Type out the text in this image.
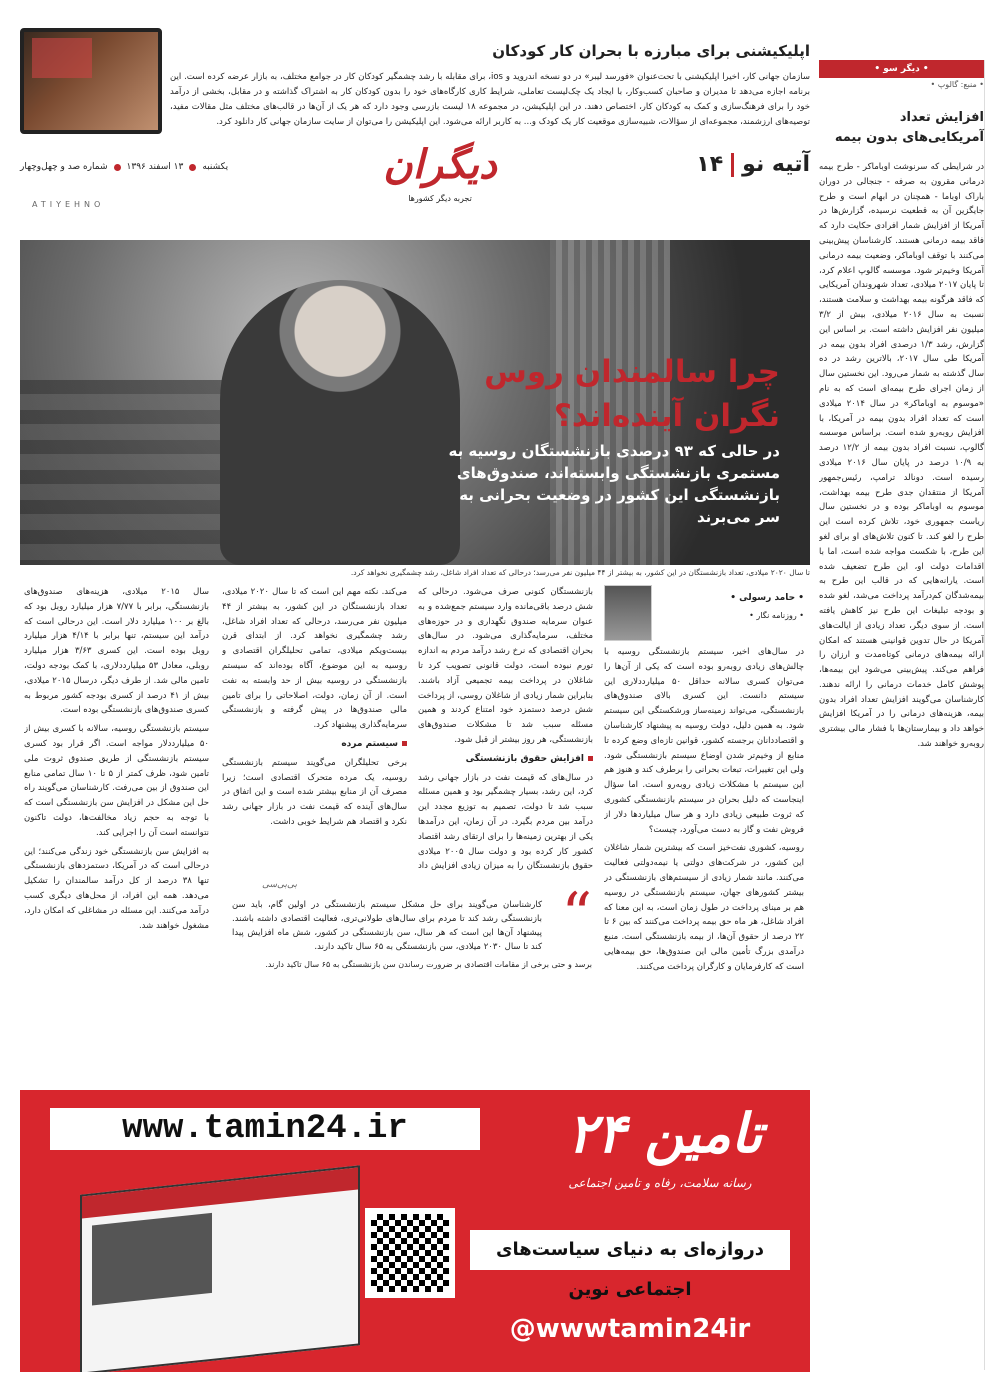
اپلیکیشنی برای مبارزه با بحران کار کودکان
سازمان جهانی کار، اخیرا اپلیکیشنی با تحت‌عنوان «فورسد لیبر» در دو نسخه اندروید و ios، برای مقابله با رشد چشمگیر کودکان کار در جوامع مختلف، به بازار عرضه کرده است. این برنامه اجازه می‌دهد تا مدیران و صاحبان کسب‌وکار، با ایجاد یک چک‌لیست تعاملی، شرایط کاری کارگاه‌های خود را بدون کودکان کار به اشتراک گذاشته و در مقابل، بخشی از درآمد خود را برای فرهنگ‌سازی و کمک به کودکان کار، اختصاص دهند. در این اپلیکیشن، در مجموعه ۱۸ لیست بازرسی وجود دارد که هر یک از آن‌ها در قالب‌های مختلف مثل مقالات مفید، توصیه‌های ارزشمند، مجموعه‌ای از سؤالات، شبیه‌سازی موقعیت کار یک کودک و... به کاربر ارائه می‌شود. این اپلیکیشن را می‌توان از سایت سازمان جهانی کار دانلود کرد.
یکشنبه
۱۳ اسفند ۱۳۹۶
شماره صد و چهل‌وچهار	دیگران
تجربه دیگر کشورها
آتیه نو
۱۴
ATIYEHNO
چرا سالمندان روس نگران آینده‌اند؟
در حالی که ۹۳ درصدی بازنشستگان روسیه به مستمری بازنشستگی وابسته‌اند، صندوق‌های بازنشستگی این کشور در وضعیت بحرانی به سر می‌برند
تا سال ۲۰۲۰ میلادی، تعداد بازنشستگان در این کشور، به بیشتر از ۴۴ میلیون نفر می‌رسد؛ درحالی که تعداد افراد شاغل، رشد چشمگیری نخواهد کرد.
• حامد رسولی •
• روزنامه نگار •

در سال‌های اخیر، سیستم بازنشستگی روسیه با چالش‌های زیادی روبه‌رو بوده است که یکی از آن‌ها را می‌توان کسری سالانه حداقل ۵۰ میلیارددلاری این سیستم دانست. این کسری بالای صندوق‌های بازنشستگی، می‌تواند زمینه‌ساز ورشکستگی این سیستم شود. به همین دلیل، دولت روسیه به پیشنهاد کارشناسان و اقتصاددانان برجسته کشور، قوانین تازه‌ای وضع کرده تا منابع از وخیم‌تر شدن اوضاع سیستم بازنشستگی شود. ولی این تغییرات، تبعات بحرانی را برطرف کند و هنوز هم این سیستم با مشکلات زیادی روبه‌رو است. اما سؤال اینجاست که دلیل بحران در سیستم بازنشستگی کشوری که ثروت طبیعی زیادی دارد و هر سال میلیاردها دلار از فروش نفت و گاز به دست می‌آورد، چیست؟

روسیه، کشوری نفت‌خیز است که بیشترین شمار شاغلان این کشور، در شرکت‌های دولتی یا نیمه‌دولتی فعالیت می‌کنند. مانند شمار زیادی از سیستم‌های بازنشستگی در بیشتر کشورهای جهان، سیستم بازنشستگی در روسیه هم بر مبنای پرداخت در طول زمان است، به این معنا که افراد شاغل، هر ماه حق بیمه پرداخت می‌کنند که بین ۶ تا ۲۲ درصد از حقوق آن‌ها، از بیمه بازنشستگی است. منبع درآمدی بزرگ تأمین مالی این صندوق‌ها، حق بیمه‌هایی است که کارفرمایان و کارگران پرداخت می‌کنند.

بازنشستگان کنونی صرف می‌شود. درحالی که شش درصد باقی‌مانده وارد سیستم جمع‌شده و به عنوان سرمایه صندوق نگهداری و در حوزه‌های مختلف، سرمایه‌گذاری می‌شود. در سال‌های بحران اقتصادی که نرخ رشد درآمد مردم به اندازه تورم نبوده است، دولت قانونی تصویب کرد تا شاغلان در پرداخت بیمه تجمیعی آزاد باشند. بنابراین شمار زیادی از شاغلان روسی، از پرداخت شش درصد دستمزد خود امتناع کردند و همین مسئله سبب شد تا مشکلات صندوق‌های بازنشستگی، هر روز بیشتر از قبل شود.

افزایش حقوق بازنشستگی

در سال‌های که قیمت نفت در بازار جهانی رشد کرد، این رشد، بسیار چشمگیر بود و همین مسئله سبب شد تا دولت، تصمیم به توزیع مجدد این درآمد بین مردم بگیرد. در آن زمان، این درآمدها یکی از بهترین زمینه‌ها را برای ارتقای رشد اقتصاد کشور کار کرده بود و دولت سال ۲۰۰۵ میلادی حقوق بازنشستگان را به میزان زیادی افزایش داد

می‌کند. نکته مهم این است که تا سال ۲۰۲۰ میلادی، تعداد بازنشستگان در این کشور، به بیشتر از ۴۴ میلیون نفر می‌رسد، درحالی که تعداد افراد شاغل، رشد چشمگیری نخواهد کرد. از ابتدای قرن بیست‌ویکم میلادی، تمامی تحلیلگران اقتصادی و روسیه به این موضوع، آگاه بوده‌اند که سیستم بازنشستگی در روسیه بیش از حد وابسته به نفت است. از آن زمان، دولت، اصلاحاتی را برای تامین مالی صندوق‌ها در پیش گرفته و بازنشستگی سرمایه‌گذاری پیشنهاد کرد.

سیستم مرده

برخی تحلیلگران می‌گویند سیستم بازنشستگی روسیه، یک مرده متحرک اقتصادی است؛ زیرا مصرف آن از منابع بیشتر شده است و این اتفاق در سال‌های آینده که قیمت نفت در بازار جهانی رشد نکرد و اقتصاد هم شرایط خوبی داشت.

سال ۲۰۱۵ میلادی، هزینه‌های صندوق‌های بازنشستگی، برابر با ۷/۷۷ هزار میلیارد روبل بود که بالغ بر ۱۰۰ میلیارد دلار است. این درحالی است که درآمد این سیستم، تنها برابر با ۴/۱۴ هزار میلیارد روبل بوده است. این کسری ۳/۶۳ هزار میلیارد روبلی، معادل ۵۳ میلیارددلاری، با کمک بودجه دولت، تامین مالی شد. از طرف دیگر، درسال ۲۰۱۵ میلادی، بیش از ۴۱ درصد از کسری بودجه کشور مربوط به کسری صندوق‌های بازنشستگی بوده است.

سیستم بازنشستگی روسیه، سالانه با کسری بیش از ۵۰ میلیارددلار مواجه است. اگر قرار بود کسری سیستم بازنشستگی از طریق صندوق ثروت ملی تامین شود، ظرف کمتر از ۵ تا ۱۰ سال تمامی منابع این صندوق از بین می‌رفت. کارشناسان می‌گویند راه حل این مشکل در افزایش سن بازنشستگی است که با توجه به حجم زیاد مخالفت‌ها، دولت تاکنون نتوانسته است آن را اجرایی کند.

به افزایش سن بازنشستگی خود زندگی می‌کنند؛ این درحالی است که در آمریکا، دستمزدهای بازنشستگی تنها ۳۸ درصد از کل درآمد سالمندان را تشکیل می‌دهد. همه این افراد، از محل‌های دیگری کسب درآمد می‌کنند. این مسئله در مشاغلی که امکان دارد، مشغول خواهند شد.	“
بی‌بی‌سی
کارشناسان می‌گویند برای حل مشکل سیستم بازنشستگی در اولین گام، باید سن بازنشستگی رشد کند تا مردم برای سال‌های طولانی‌تری، فعالیت اقتصادی داشته باشند. پیشنهاد آن‌ها این است که هر سال، سن بازنشستگی در کشور، شش ماه افزایش پیدا کند تا سال ۲۰۳۰ میلادی، سن بازنشستگی به ۶۵ سال تاکید دارند.
برسد و حتی برخی از مقامات اقتصادی بر ضرورت رساندن سن بازنشستگی به ۶۵ سال تاکید دارند.
www.tamin24.ir	تامین ۲۴
رسانه سلامت، رفاه و تامین اجتماعی
دروازه‌ای به دنیای سیاست‌های اجتماعی نوین
@wwwtamin24ir
• دیگر سو •
• منبع: گالوپ •
افزایش تعداد آمریکایی‌های بدون بیمه
در شرایطی که سرنوشت اوباماکر - طرح بیمه درمانی مقرون به صرفه - جنجالی در دوران باراک اوباما - همچنان در ابهام است و طرح جایگزین آن به قطعیت نرسیده، گزارش‌ها در آمریکا از افزایش شمار افرادی حکایت دارد که فاقد بیمه درمانی هستند. کارشناسان پیش‌بینی می‌کنند با توقف اوباماکر، وضعیت بیمه درمانی آمریکا وخیم‌تر شود. موسسه گالوپ اعلام کرد، تا پایان ۲۰۱۷ میلادی، تعداد شهروندان آمریکایی که فاقد هرگونه بیمه بهداشت و سلامت هستند، نسبت به سال ۲۰۱۶ میلادی، بیش از ۳/۲ میلیون نفر افزایش داشته است. بر اساس این گزارش، رشد ۱/۳ درصدی افراد بدون بیمه در آمریکا طی سال ۲۰۱۷، بالاترین رشد در ده سال گذشته به شمار می‌رود. این نخستین سال از زمان اجرای طرح بیمه‌ای است که به نام «موسوم به اوباماکر» در سال ۲۰۱۴ میلادی است که تعداد افراد بدون بیمه در آمریکا، با افزایش روبه‌رو شده است. براساس موسسه گالوپ، نسبت افراد بدون بیمه از ۱۲/۲ درصد به ۱۰/۹ درصد در پایان سال ۲۰۱۶ میلادی رسیده است. دونالد ترامپ، رئیس‌جمهور آمریکا از منتقدان جدی طرح بیمه بهداشت، موسوم به اوباماکر بوده و در نخستین سال ریاست جمهوری خود، تلاش کرده است این طرح را لغو کند. تا کنون تلاش‌های او برای لغو این طرح، با شکست مواجه شده است، اما با اقدامات دولت او، این طرح تضعیف شده است. یارانه‌هایی که در قالب این طرح به بیمه‌شدگان کم‌درآمد پرداخت می‌شد، لغو شده و بودجه تبلیغات این طرح نیز کاهش یافته است. از سوی دیگر، تعداد زیادی از ایالت‌های آمریکا در حال تدوین قوانینی هستند که امکان ارائه بیمه‌های درمانی کوتاه‌مدت و ارزان را فراهم می‌کند. پیش‌بینی می‌شود این بیمه‌ها، پوشش کامل خدمات درمانی را ارائه ندهند. کارشناسان می‌گویند افزایش تعداد افراد بدون بیمه، هزینه‌های درمانی را در آمریکا افزایش خواهد داد و بیمارستان‌ها با فشار مالی بیشتری روبه‌رو خواهند شد.
